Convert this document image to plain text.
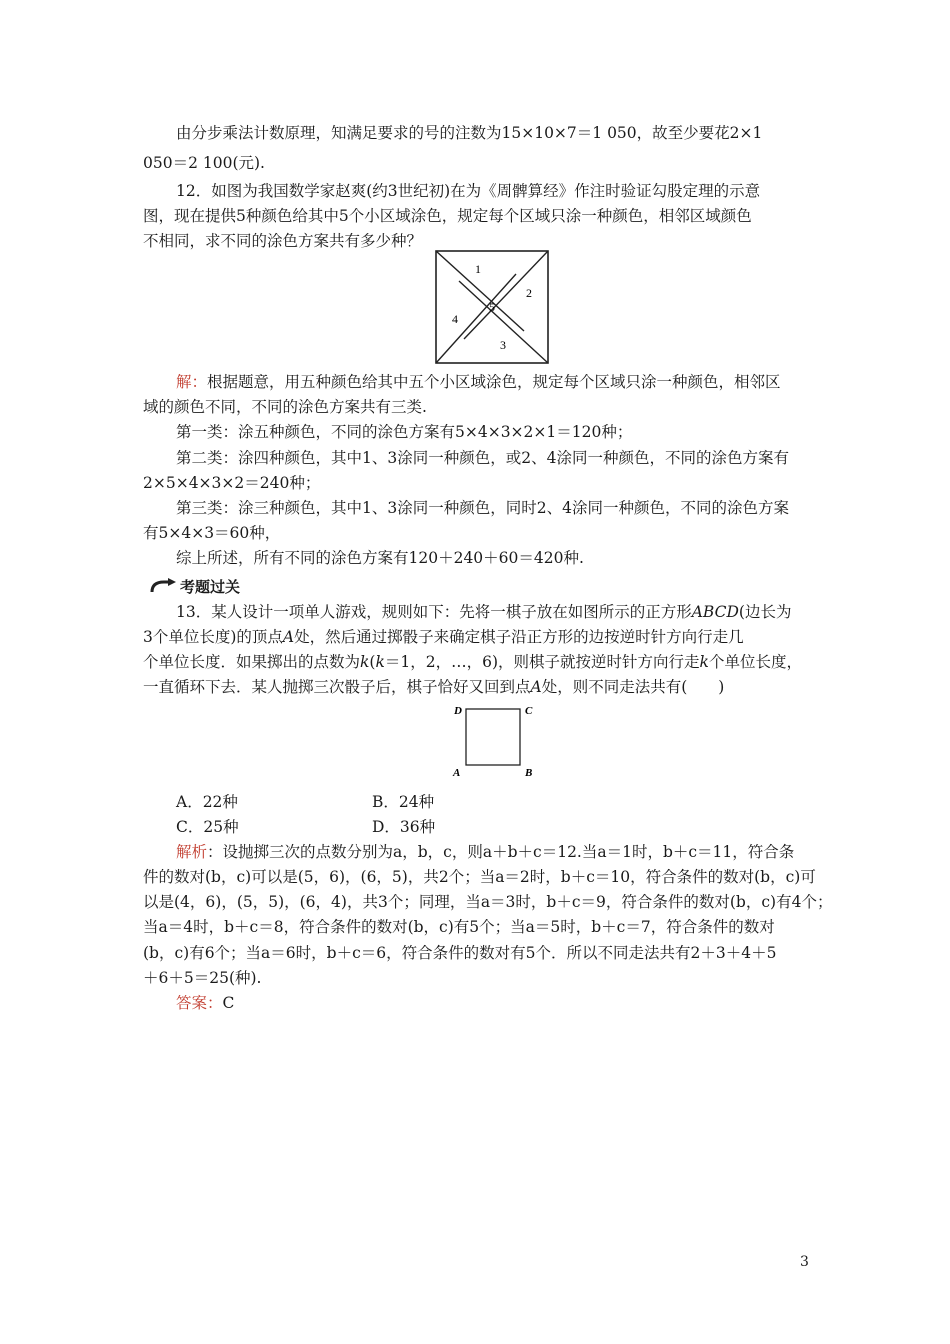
由分步乘法计数原理，知满足要求的号的注数为15×10×7＝1 050，故至少要花2×1
050＝2 100(元).
12．如图为我国数学家赵爽(约3世纪初)在为《周髀算经》作注时验证勾股定理的示意
图，现在提供5种颜色给其中5个小区域涂色，规定每个区域只涂一种颜色，相邻区域颜色
不相同，求不同的涂色方案共有多少种？
1
2
3
4
5
解：根据题意，用五种颜色给其中五个小区域涂色，规定每个区域只涂一种颜色，相邻区
域的颜色不同，不同的涂色方案共有三类.
第一类：涂五种颜色，不同的涂色方案有5×4×3×2×1＝120种；
第二类：涂四种颜色，其中1、3涂同一种颜色，或2、4涂同一种颜色，不同的涂色方案有
2×5×4×3×2＝240种；
第三类：涂三种颜色，其中1、3涂同一种颜色，同时2、4涂同一种颜色，不同的涂色方案
有5×4×3＝60种，
综上所述，所有不同的涂色方案有120＋240＋60＝420种.
考题过关
13．某人设计一项单人游戏，规则如下：先将一棋子放在如图所示的正方形ABCD(边长为
3个单位长度)的顶点A处，然后通过掷骰子来确定棋子沿正方形的边按逆时针方向行走几
个单位长度．如果掷出的点数为k(k＝1，2，…，6)，则棋子就按逆时针方向行走k个单位长度，
一直循环下去．某人抛掷三次骰子后，棋子恰好又回到点A处，则不同走法共有(　　)
D	C
A	B
A．22种	B．24种
C．25种	D．36种
解析：设抛掷三次的点数分别为a，b，c，则a＋b＋c＝12.当a＝1时，b＋c＝11，符合条
件的数对(b，c)可以是(5，6)，(6，5)，共2个；当a＝2时，b＋c＝10，符合条件的数对(b，c)可
以是(4，6)，(5，5)，(6，4)，共3个；同理，当a＝3时，b＋c＝9，符合条件的数对(b，c)有4个；
当a＝4时，b＋c＝8，符合条件的数对(b，c)有5个；当a＝5时，b＋c＝7，符合条件的数对
(b，c)有6个；当a＝6时，b＋c＝6，符合条件的数对有5个．所以不同走法共有2＋3＋4＋5
＋6＋5＝25(种).
答案：C
3
